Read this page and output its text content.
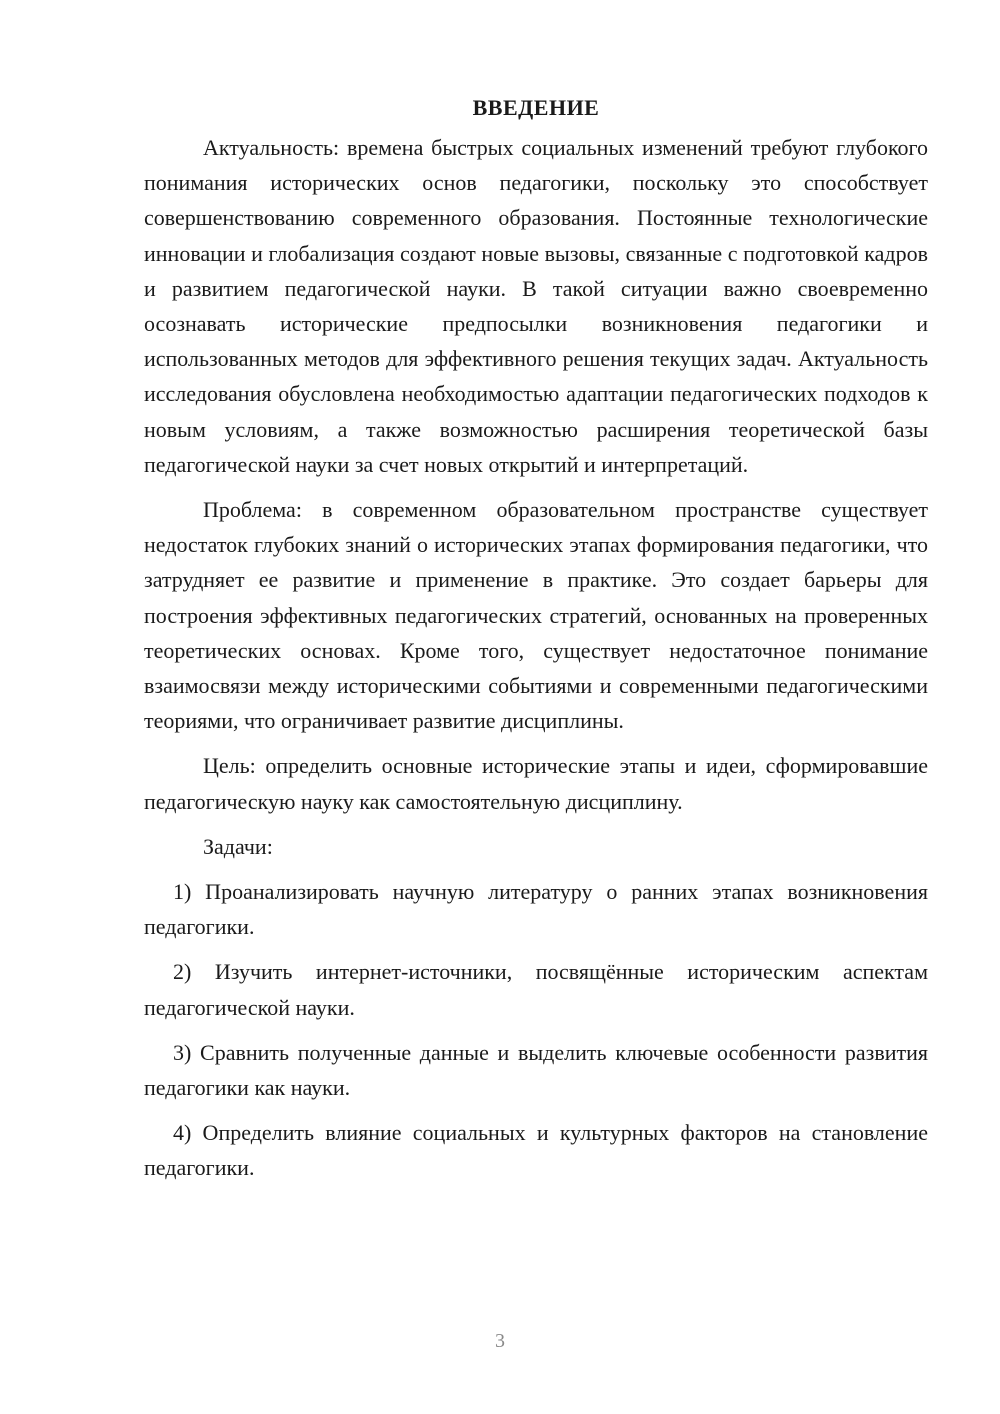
ВВЕДЕНИЕ

Актуальность: времена быстрых социальных изменений требуют глубокого понимания исторических основ педагогики, поскольку это способствует совершенствованию современного образования. Постоянные технологические инновации и глобализация создают новые вызовы, связанные с подготовкой кадров и развитием педагогической науки. В такой ситуации важно своевременно осознавать исторические предпосылки возникновения педагогики и использованных методов для эффективного решения текущих задач. Актуальность исследования обусловлена необходимостью адаптации педагогических подходов к новым условиям, а также возможностью расширения теоретической базы педагогической науки за счет новых открытий и интерпретаций.

Проблема: в современном образовательном пространстве существует недостаток глубоких знаний о исторических этапах формирования педагогики, что затрудняет ее развитие и применение в практике. Это создает барьеры для построения эффективных педагогических стратегий, основанных на проверенных теоретических основах. Кроме того, существует недостаточное понимание взаимосвязи между историческими событиями и современными педагогическими теориями, что ограничивает развитие дисциплины.

Цель: определить основные исторические этапы и идеи, сформировавшие педагогическую науку как самостоятельную дисциплину.

Задачи:

1) Проанализировать научную литературу о ранних этапах возникновения педагогики.

2) Изучить интернет-источники, посвящённые историческим аспектам педагогической науки.

3) Сравнить полученные данные и выделить ключевые особенности развития педагогики как науки.

4) Определить влияние социальных и культурных факторов на становление педагогики.

3
